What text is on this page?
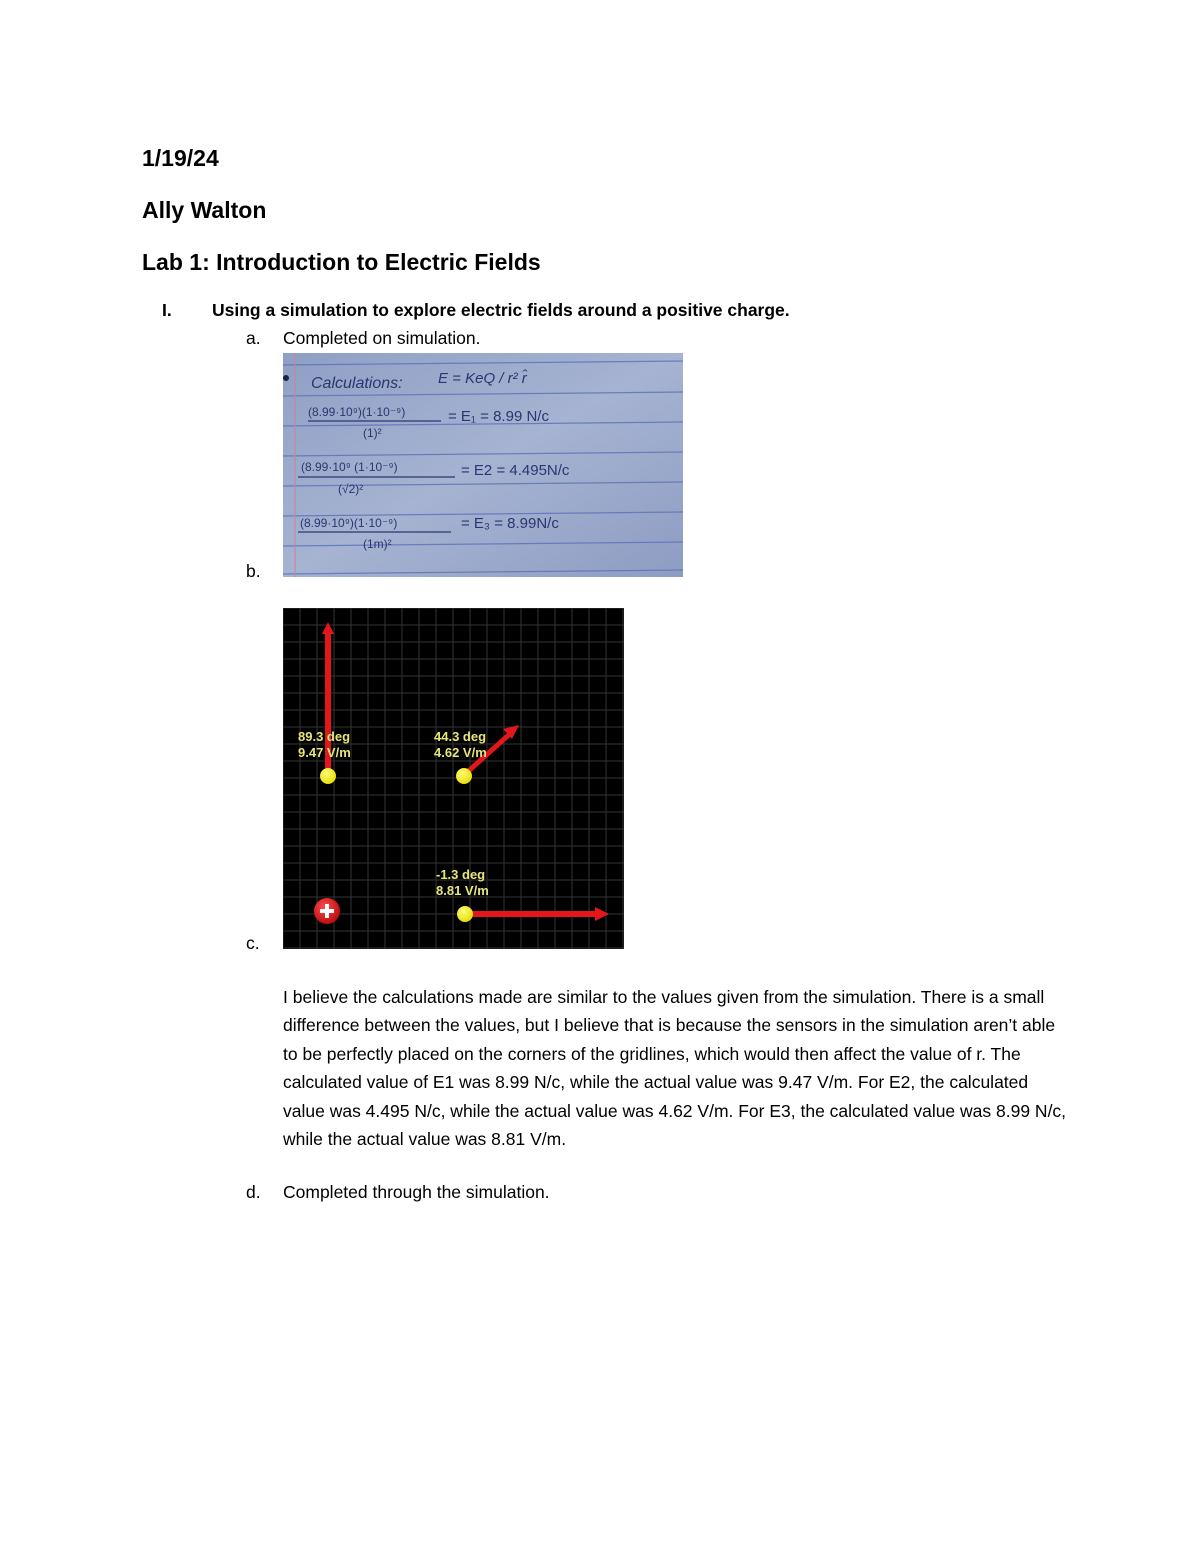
1/19/24
Ally Walton
Lab 1: Introduction to Electric Fields
I. Using a simulation to explore electric fields around a positive charge.
a. Completed on simulation.
Calculations: E = KeQ / r² r̂
(8.99·10⁹)(1·10⁻⁹)
(1)²
= E₁ = 8.99 N/c
(8.99·10⁹ (1·10⁻⁹)
(√2)²
= E2 = 4.495N/c
(8.99·10⁹)(1·10⁻⁹)
(1m)²
= E₃ = 8.99N/c
b.
89.3 deg
9.47 V/m
44.3 deg
4.62 V/m
-1.3 deg
8.81 V/m
c.
I believe the calculations made are similar to the values given from the simulation. There is a small difference between the values, but I believe that is because the sensors in the simulation aren’t able to be perfectly placed on the corners of the gridlines, which would then affect the value of r. The calculated value of E1 was 8.99 N/c, while the actual value was 9.47 V/m. For E2, the calculated value was 4.495 N/c, while the actual value was 4.62 V/m. For E3, the calculated value was 8.99 N/c, while the actual value was 8.81 V/m.
d. Completed through the simulation.
